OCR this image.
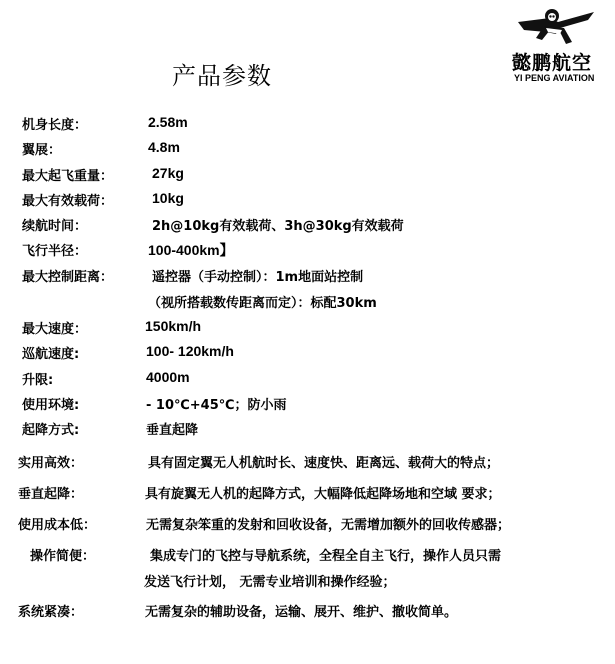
产品参数	懿鹏航空
YI PENG AVIATION
机身长度：	2.58m
翼展：	4.8m
最大起飞重量：	27kg
最大有效载荷：	10kg
续航时间：	2h@10kg有效载荷、3h@30kg有效载荷
飞行半径：	100-400km】
最大控制距离：	遥控器（手动控制）：1m地面站控制
（视所搭载数传距离而定）：标配30km
最大速度：	150km/h
巡航速度:	100- 120km/h
升限:	4000m
使用环境:	- 10℃+45℃；防小雨
起降方式:	垂直起降
实用高效：	具有固定翼无人机航时长、速度快、距离远、载荷大的特点；
垂直起降：	具有旋翼无人机的起降方式，大幅降低起降场地和空域 要求；
使用成本低：	无需复杂笨重的发射和回收设备，无需增加额外的回收传感器；
操作简便：	集成专门的飞控与导航系统，全程全自主飞行，操作人员只需
发送飞行计划， 无需专业培训和操作经验；
系统紧凑：	无需复杂的辅助设备，运输、展开、维护、撤收简单。
